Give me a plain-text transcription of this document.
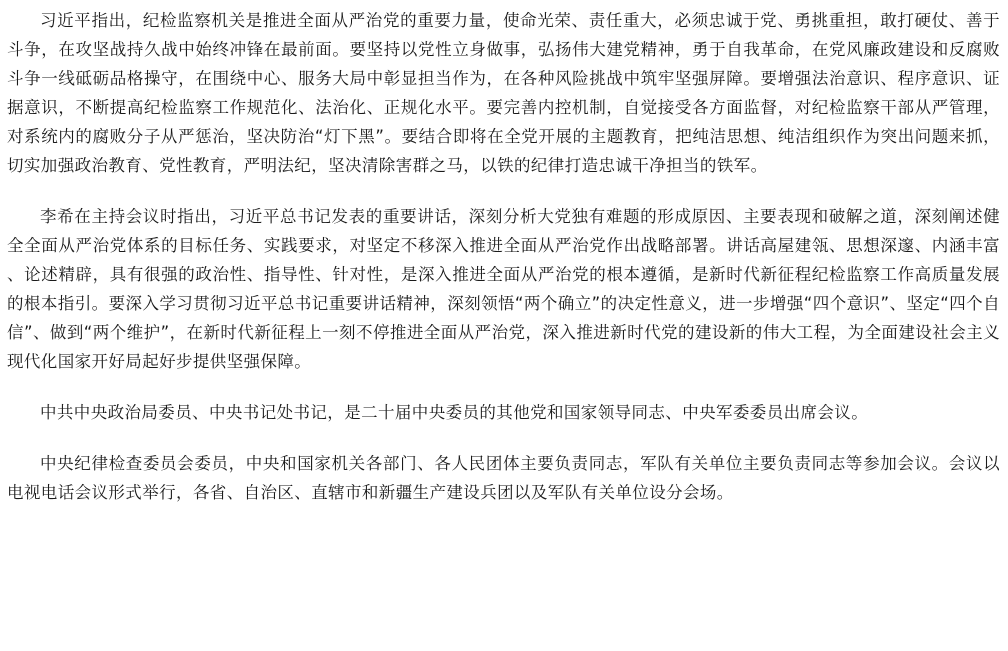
习近平指出，纪检监察机关是推进全面从严治党的重要力量，使命光荣、责任重大，必须忠诚于党、勇挑重担，敢打硬仗、善于斗争，在攻坚战持久战中始终冲锋在最前面。要坚持以党性立身做事，弘扬伟大建党精神，勇于自我革命，在党风廉政建设和反腐败斗争一线砥砺品格操守，在围绕中心、服务大局中彰显担当作为，在各种风险挑战中筑牢坚强屏障。要增强法治意识、程序意识、证据意识，不断提高纪检监察工作规范化、法治化、正规化水平。要完善内控机制，自觉接受各方面监督，对纪检监察干部从严管理，对系统内的腐败分子从严惩治，坚决防治“灯下黑”。要结合即将在全党开展的主题教育，把纯洁思想、纯洁组织作为突出问题来抓，切实加强政治教育、党性教育，严明法纪，坚决清除害群之马，以铁的纪律打造忠诚干净担当的铁军。

李希在主持会议时指出，习近平总书记发表的重要讲话，深刻分析大党独有难题的形成原因、主要表现和破解之道，深刻阐述健全全面从严治党体系的目标任务、实践要求，对坚定不移深入推进全面从严治党作出战略部署。讲话高屋建瓴、思想深邃、内涵丰富、论述精辟，具有很强的政治性、指导性、针对性，是深入推进全面从严治党的根本遵循，是新时代新征程纪检监察工作高质量发展的根本指引。要深入学习贯彻习近平总书记重要讲话精神，深刻领悟“两个确立”的决定性意义，进一步增强“四个意识”、坚定“四个自信”、做到“两个维护”，在新时代新征程上一刻不停推进全面从严治党，深入推进新时代党的建设新的伟大工程，为全面建设社会主义现代化国家开好局起好步提供坚强保障。

中共中央政治局委员、中央书记处书记，是二十届中央委员的其他党和国家领导同志、中央军委委员出席会议。

中央纪律检查委员会委员，中央和国家机关各部门、各人民团体主要负责同志，军队有关单位主要负责同志等参加会议。会议以电视电话会议形式举行，各省、自治区、直辖市和新疆生产建设兵团以及军队有关单位设分会场。
